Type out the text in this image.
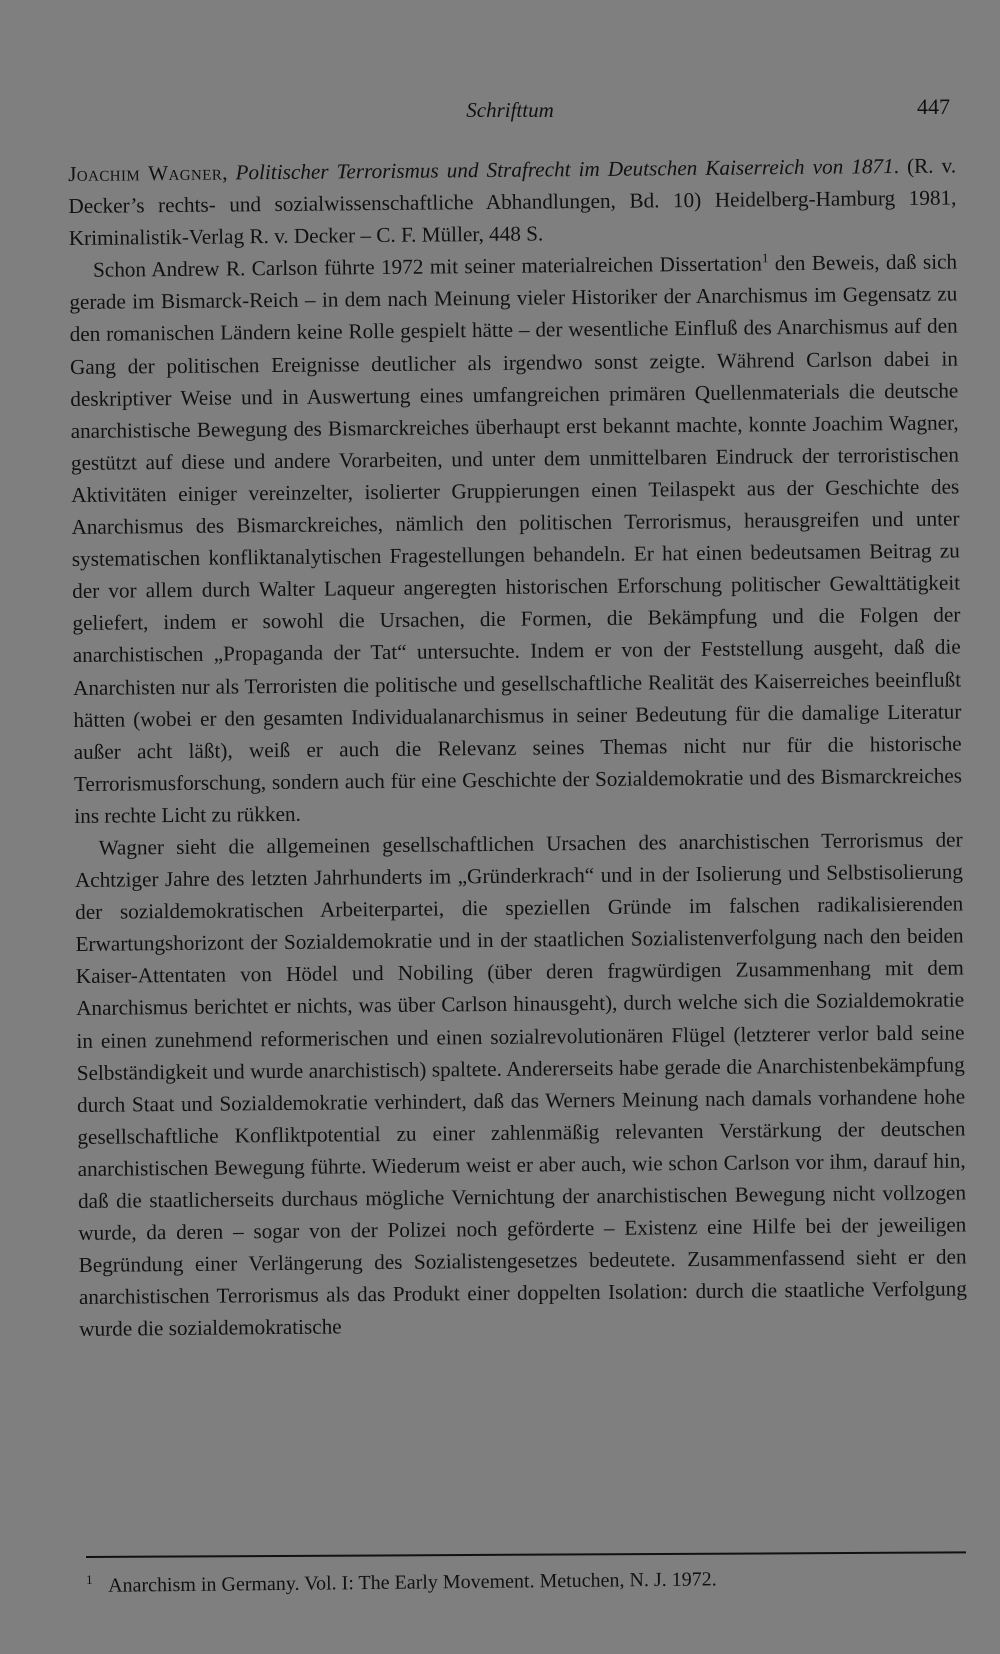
Schrifttum	447

Joachim Wagner, Politischer Terrorismus und Strafrecht im Deutschen Kaiserreich von 1871. (R. v. Decker’s rechts- und sozialwissenschaftliche Abhandlungen, Bd. 10) Heidelberg-Hamburg 1981, Kriminalistik-Verlag R. v. Decker – C. F. Müller, 448 S.

Schon Andrew R. Carlson führte 1972 mit seiner materialreichen Dissertation$^1$ den Beweis, daß sich gerade im Bismarck-Reich – in dem nach Meinung vieler Historiker der Anarchismus im Gegensatz zu den romanischen Ländern keine Rolle gespielt hätte – der wesentliche Einfluß des Anarchismus auf den Gang der politischen Ereignisse deutlicher als irgendwo sonst zeigte. Während Carlson dabei in deskriptiver Weise und in Auswertung eines umfangreichen primären Quellenmaterials die deutsche anarchistische Bewegung des Bismarckreiches überhaupt erst bekannt machte, konnte Joachim Wagner, gestützt auf diese und andere Vorarbeiten, und unter dem unmittelbaren Eindruck der terroristischen Aktivitäten einiger vereinzelter, isolierter Gruppierungen einen Teilaspekt aus der Geschichte des Anarchismus des Bismarckreiches, nämlich den politischen Terrorismus, herausgreifen und unter systematischen konfliktanalytischen Fragestellungen behandeln. Er hat einen bedeutsamen Beitrag zu der vor allem durch Walter Laqueur angeregten historischen Erforschung politischer Gewalttätigkeit geliefert, indem er sowohl die Ursachen, die Formen, die Bekämpfung und die Folgen der anarchistischen „Propaganda der Tat“ untersuchte. Indem er von der Feststellung ausgeht, daß die Anarchisten nur als Terroristen die politische und gesellschaftliche Realität des Kaiserreiches beeinflußt hätten (wobei er den gesamten Individualanarchismus in seiner Bedeutung für die damalige Literatur außer acht läßt), weiß er auch die Relevanz seines Themas nicht nur für die historische Terrorismusforschung, sondern auch für eine Geschichte der Sozialdemokratie und des Bismarckreiches ins rechte Licht zu rükken.

Wagner sieht die allgemeinen gesellschaftlichen Ursachen des anarchistischen Terrorismus der Achtziger Jahre des letzten Jahrhunderts im „Gründerkrach“ und in der Isolierung und Selbstisolierung der sozialdemokratischen Arbeiterpartei, die speziellen Gründe im falschen radikalisierenden Erwartungshorizont der Sozialdemokratie und in der staatlichen Sozialistenverfolgung nach den beiden Kaiser-Attentaten von Hödel und Nobiling (über deren fragwürdigen Zusammenhang mit dem Anarchismus berichtet er nichts, was über Carlson hinausgeht), durch welche sich die Sozialdemokratie in einen zunehmend reformerischen und einen sozialrevolutionären Flügel (letzterer verlor bald seine Selbständigkeit und wurde anarchistisch) spaltete. Andererseits habe gerade die Anarchistenbekämpfung durch Staat und Sozialdemokratie verhindert, daß das Werners Meinung nach damals vorhandene hohe gesellschaftliche Konfliktpotential zu einer zahlenmäßig relevanten Verstärkung der deutschen anarchistischen Bewegung führte. Wiederum weist er aber auch, wie schon Carlson vor ihm, darauf hin, daß die staatlicherseits durchaus mögliche Vernichtung der anarchistischen Bewegung nicht vollzogen wurde, da deren – sogar von der Polizei noch geförderte – Existenz eine Hilfe bei der jeweiligen Begründung einer Verlängerung des Sozialistengesetzes bedeutete. Zusammenfassend sieht er den anarchistischen Terrorismus als das Produkt einer doppelten Isolation: durch die staatliche Verfolgung wurde die sozialdemokratische

1 Anarchism in Germany. Vol. I: The Early Movement. Metuchen, N. J. 1972.
